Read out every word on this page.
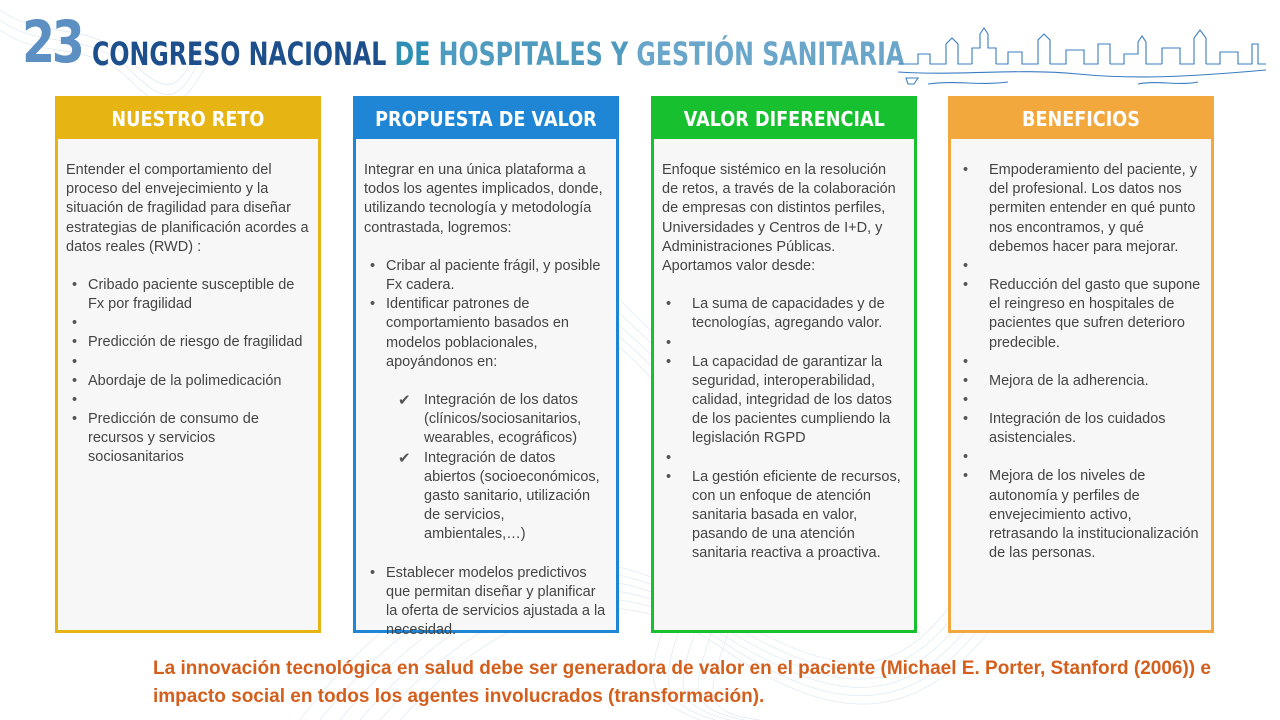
23 CONGRESO NACIONAL DE HOSPITALES Y GESTIÓN SANITARIA
NUESTRO RETO

Entender el comportamiento del proceso del envejecimiento y la situación de fragilidad para diseñar estrategias de planificación acordes a datos reales (RWD) :

• Cribado paciente susceptible de Fx por fragilidad
•
• Predicción de riesgo de fragilidad
•
• Abordaje de la polimedicación
•
• Predicción de consumo de recursos y servicios sociosanitarios
PROPUESTA DE VALOR

Integrar en una única plataforma a todos los agentes implicados, donde, utilizando tecnología y metodología contrastada, logremos:

• Cribar al paciente frágil, y posible Fx cadera.
• Identificar patrones de comportamiento basados en modelos poblacionales, apoyándonos en:
✔ Integración de los datos (clínicos/sociosanitarios, wearables, ecográficos)
✔ Integración de datos abiertos (socioeconómicos, gasto sanitario, utilización de servicios, ambientales,…)
• Establecer modelos predictivos que permitan diseñar y planificar la oferta de servicios ajustada a la necesidad.
VALOR DIFERENCIAL

Enfoque sistémico en la resolución de retos, a través de la colaboración de empresas con distintos perfiles, Universidades y Centros de I+D, y Administraciones Públicas. Aportamos valor desde:

• La suma de capacidades y de tecnologías, agregando valor.
•
• La capacidad de garantizar la seguridad, interoperabilidad, calidad, integridad de los datos de los pacientes cumpliendo la legislación RGPD
•
• La gestión eficiente de recursos, con un enfoque de atención sanitaria basada en valor, pasando de una atención sanitaria reactiva a proactiva.
BENEFICIOS
• Empoderamiento del paciente, y del profesional. Los datos nos permiten entender en qué punto nos encontramos, y qué debemos hacer para mejorar.
•
• Reducción del gasto que supone el reingreso en hospitales de pacientes que sufren deterioro predecible.
•
• Mejora de la adherencia.
•
• Integración de los cuidados asistenciales.
•
• Mejora de los niveles de autonomía y perfiles de envejecimiento activo, retrasando la institucionalización de las personas.
La innovación tecnológica en salud debe ser generadora de valor en el paciente (Michael E. Porter, Stanford (2006)) e impacto social en todos los agentes involucrados (transformación).
